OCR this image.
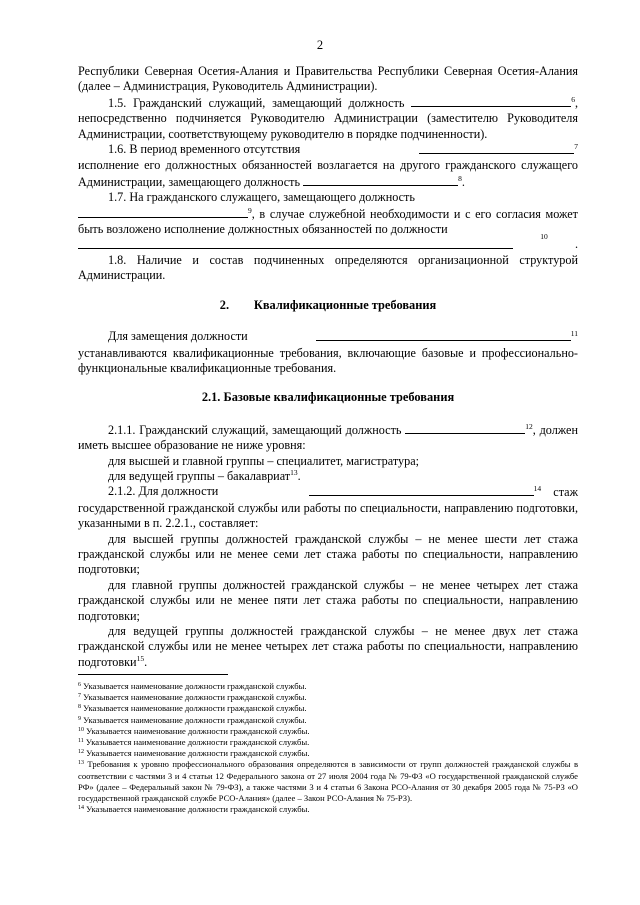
2

Республики Северная Осетия-Алания и Правительства Республики Северная Осетия-Алания (далее – Администрация, Руководитель Администрации).

1.5. Гражданский служащий, замещающий должность	$^6$, непосредственно подчиняется Руководителю Администрации (заместителю Руководителя Администрации, соответствующему руководителю в порядке подчиненности).

1.6. В период временного отсутствия	$^7$

исполнение его должностных обязанностей возлагается на другого гражданского служащего Администрации, замещающего должность	$^8$.

1.7. На гражданского служащего, замещающего должность

$^9$, в случае служебной необходимости и с его согласия может быть возложено исполнение должностных обязанностей по должности

10
.

1.8. Наличие и состав подчиненных определяются организационной структурой Администрации.

2. Квалификационные требования
Для замещения должности	$^{11}$

устанавливаются квалификационные требования, включающие базовые и профессионально-функциональные квалификационные требования.

2.1. Базовые квалификационные требования

2.1.1. Гражданский служащий, замещающий должность	$^{12}$, должен иметь высшее образование не ниже уровня:

для высшей и главной группы – специалитет, магистратура;

для ведущей группы – бакалавриат$^{13}$.

2.1.2. Для должности	$^{14}$ стаж

государственной гражданской службы или работы по специальности, направлению подготовки, указанными в п. 2.2.1., составляет:

для высшей группы должностей гражданской службы – не менее шести лет стажа гражданской службы или не менее семи лет стажа работы по специальности, направлению подготовки;

для главной группы должностей гражданской службы – не менее четырех лет стажа гражданской службы или не менее пяти лет стажа работы по специальности, направлению подготовки;

для ведущей группы должностей гражданской службы – не менее двух лет стажа гражданской службы или не менее четырех лет стажа работы по специальности, направлению подготовки$^{15}$.

$^6$ Указывается наименование должности гражданской службы.

$^7$ Указывается наименование должности гражданской службы.

$^8$ Указывается наименование должности гражданской службы.

$^9$ Указывается наименование должности гражданской службы.

$^{10}$ Указывается наименование должности гражданской службы.

$^{11}$ Указывается наименование должности гражданской службы.

$^{12}$ Указывается наименование должности гражданской службы.

$^{13}$ Требования к уровню профессионального образования определяются в зависимости от групп должностей гражданской службы в соответствии с частями 3 и 4 статьи 12 Федерального закона от 27 июля 2004 года № 79-ФЗ «О государственной гражданской службе РФ» (далее – Федеральный закон № 79-ФЗ), а также частями 3 и 4 статьи 6 Закона РСО-Алания от 30 декабря 2005 года № 75-РЗ «О государственной гражданской службе РСО-Алания» (далее – Закон РСО-Алания № 75-РЗ).

$^{14}$ Указывается наименование должности гражданской службы.
